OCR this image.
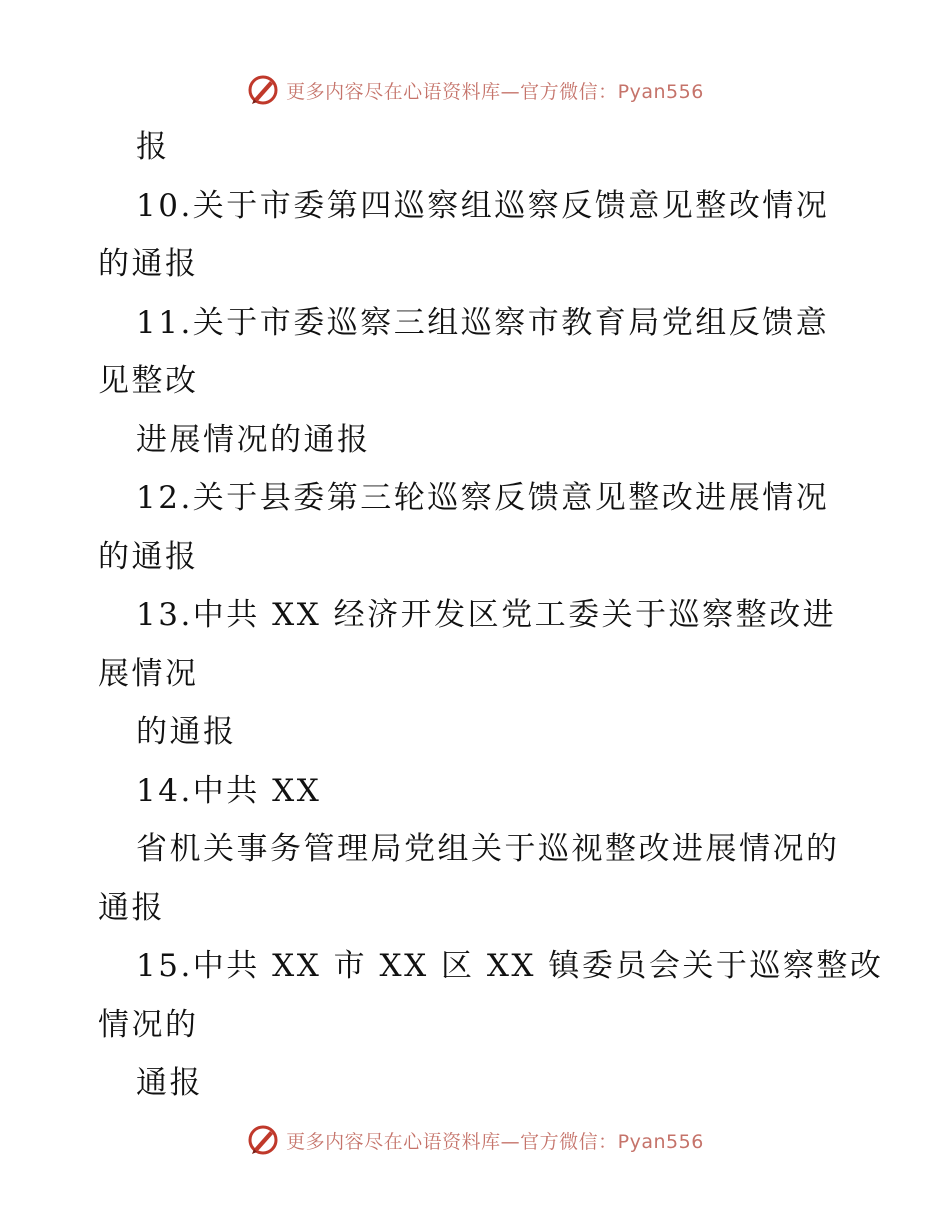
更多内容尽在心语资料库—官方微信：Pyan556
报
10.关于市委第四巡察组巡察反馈意见整改情况
的通报
11.关于市委巡察三组巡察市教育局党组反馈意
见整改
进展情况的通报
12.关于县委第三轮巡察反馈意见整改进展情况
的通报
13.中共 XX 经济开发区党工委关于巡察整改进
展情况
的通报
14.中共 XX
省机关事务管理局党组关于巡视整改进展情况的
通报
15.中共 XX 市 XX 区 XX 镇委员会关于巡察整改
情况的
通报
更多内容尽在心语资料库—官方微信：Pyan556
